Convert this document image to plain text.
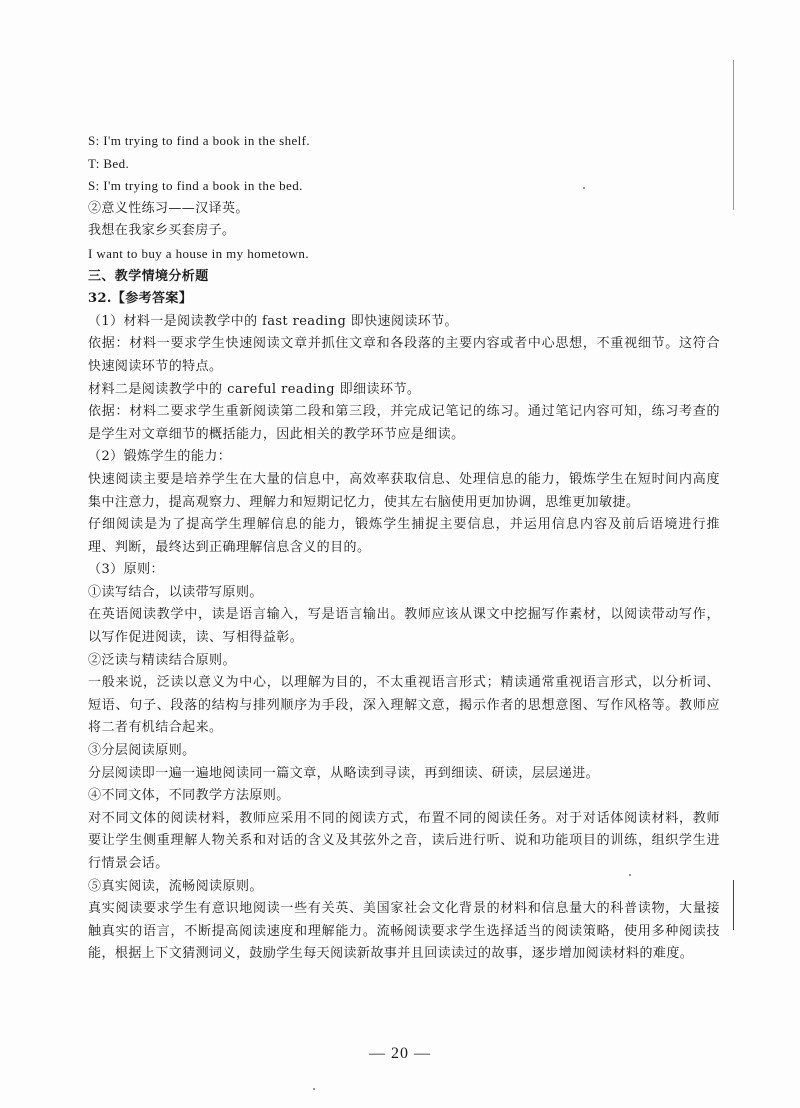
S: I'm trying to find a book in the shelf.
T: Bed.
S: I'm trying to find a book in the bed.
②意义性练习——汉译英。
我想在我家乡买套房子。
I want to buy a house in my hometown.
三、教学情境分析题
32.【参考答案】
（1）材料一是阅读教学中的 fast reading 即快速阅读环节。
依据：材料一要求学生快速阅读文章并抓住文章和各段落的主要内容或者中心思想，不重视细节。这符合快速阅读环节的特点。
材料二是阅读教学中的 careful reading 即细读环节。
依据：材料二要求学生重新阅读第二段和第三段，并完成记笔记的练习。通过笔记内容可知，练习考查的是学生对文章细节的概括能力，因此相关的教学环节应是细读。
（2）锻炼学生的能力：
快速阅读主要是培养学生在大量的信息中，高效率获取信息、处理信息的能力，锻炼学生在短时间内高度集中注意力，提高观察力、理解力和短期记忆力，使其左右脑使用更加协调，思维更加敏捷。
仔细阅读是为了提高学生理解信息的能力，锻炼学生捕捉主要信息，并运用信息内容及前后语境进行推理、判断，最终达到正确理解信息含义的目的。
（3）原则：
①读写结合，以读带写原则。
在英语阅读教学中，读是语言输入，写是语言输出。教师应该从课文中挖掘写作素材，以阅读带动写作，以写作促进阅读，读、写相得益彰。
②泛读与精读结合原则。
一般来说，泛读以意义为中心，以理解为目的，不太重视语言形式；精读通常重视语言形式，以分析词、短语、句子、段落的结构与排列顺序为手段，深入理解文意，揭示作者的思想意图、写作风格等。教师应将二者有机结合起来。
③分层阅读原则。
分层阅读即一遍一遍地阅读同一篇文章，从略读到寻读，再到细读、研读，层层递进。
④不同文体，不同教学方法原则。
对不同文体的阅读材料，教师应采用不同的阅读方式，布置不同的阅读任务。对于对话体阅读材料，教师要让学生侧重理解人物关系和对话的含义及其弦外之音，读后进行听、说和功能项目的训练，组织学生进行情景会话。
⑤真实阅读，流畅阅读原则。
真实阅读要求学生有意识地阅读一些有关英、美国家社会文化背景的材料和信息量大的科普读物，大量接触真实的语言，不断提高阅读速度和理解能力。流畅阅读要求学生选择适当的阅读策略，使用多种阅读技能，根据上下文猜测词义，鼓励学生每天阅读新故事并且回读读过的故事，逐步增加阅读材料的难度。
— 20 —
